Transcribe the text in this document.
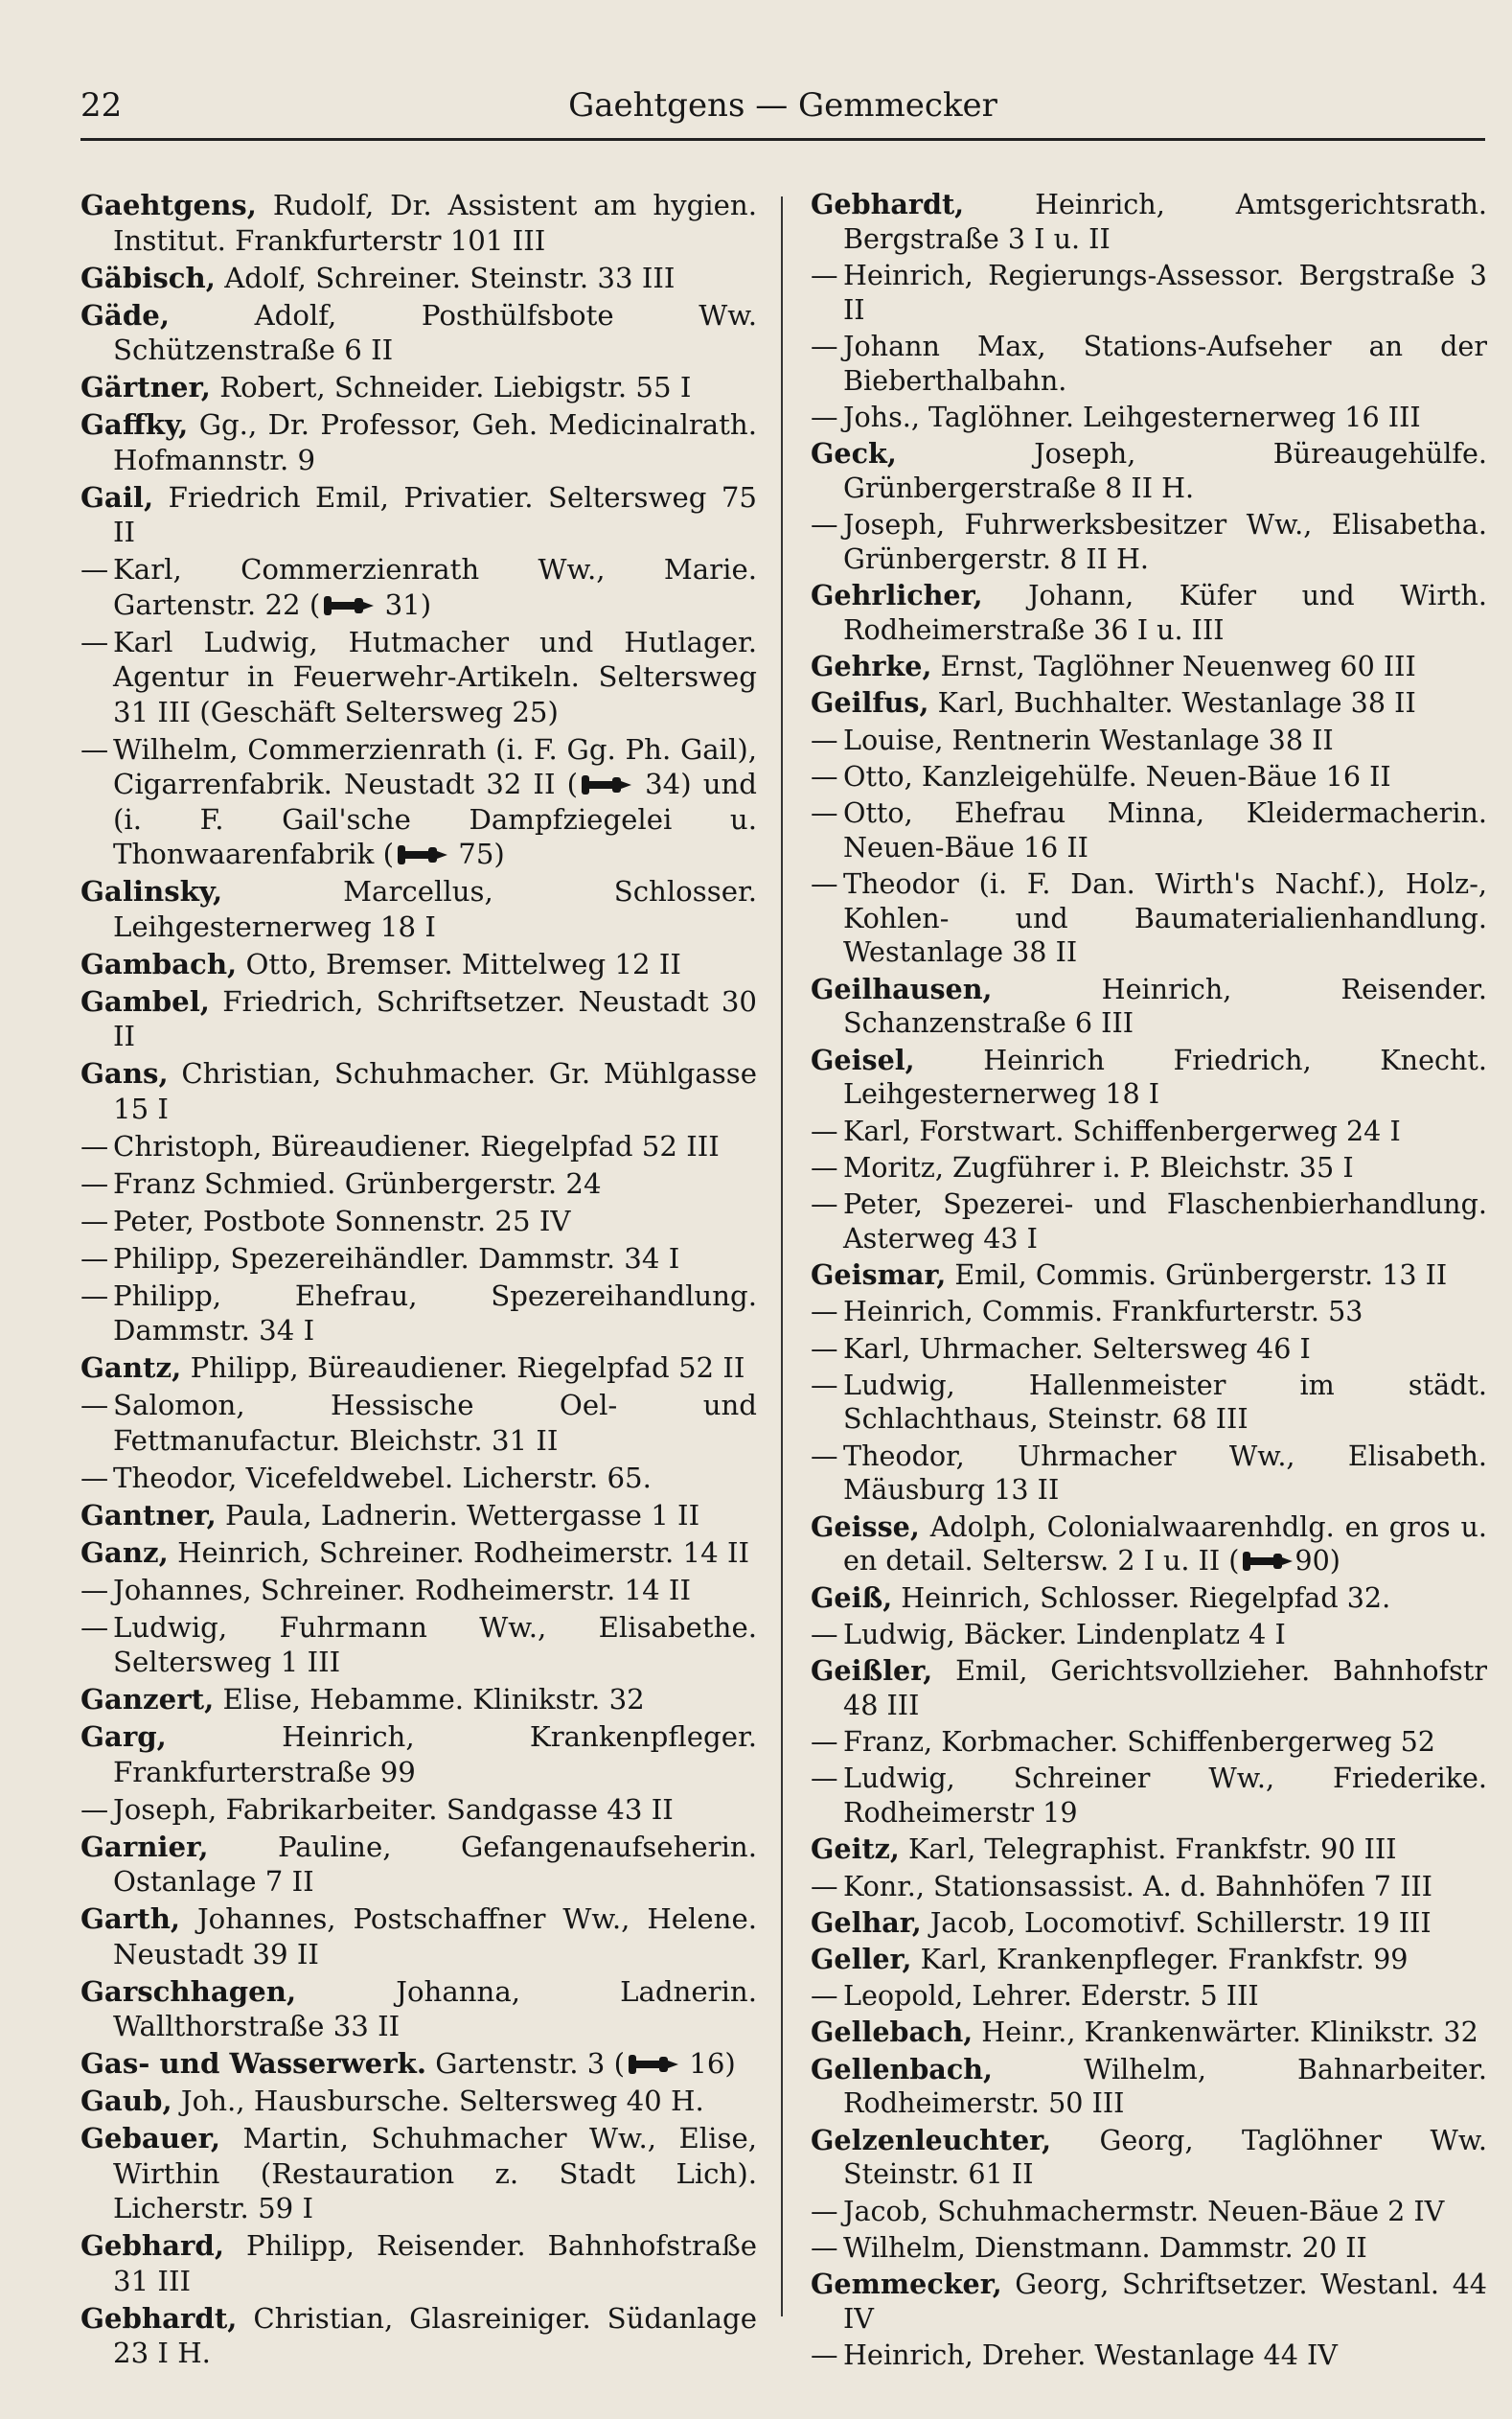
22	Gaehtgens — Gemmecker

Gaehtgens, Rudolf, Dr. Assistent am hygien. Institut. Frankfurterstr 101 III

Gäbisch, Adolf, Schreiner. Steinstr. 33 III

Gäde,	Adolf, Posthülfsbote Ww. Schützenstraße 6 II

Gärtner, Robert, Schneider. Liebigstr. 55 I

Gaffky, Gg., Dr. Professor, Geh. Medicinalrath. Hofmannstr. 9

Gail, Friedrich Emil, Privatier. Seltersweg 75 II

— Karl, Commerzienrath Ww., Marie. Gartenstr. 22 ( 31)

— Karl Ludwig, Hutmacher und Hutlager. Agentur in Feuerwehr-Artikeln. Seltersweg 31 III (Geschäft Seltersweg 25)

— Wilhelm, Commerzienrath (i. F. Gg. Ph. Gail), Cigarrenfabrik. Neustadt 32 II ( 34) und (i. F. Gail'sche Dampfziegelei u. Thonwaarenfabrik ( 75)

Galinsky,	Marcellus, Schlosser. Leihgesternerweg 18 I

Gambach, Otto, Bremser. Mittelweg 12 II

Gambel, Friedrich, Schriftsetzer. Neustadt 30 II

Gans, Christian, Schuhmacher. Gr. Mühlgasse 15 I

— Christoph, Büreaudiener. Riegelpfad 52 III

— Franz Schmied. Grünbergerstr. 24

— Peter, Postbote Sonnenstr. 25 IV

— Philipp, Spezereihändler. Dammstr. 34 I

— Philipp, Ehefrau, Spezereihandlung. Dammstr. 34 I

Gantz, Philipp, Büreaudiener. Riegelpfad 52 II

— Salomon, Hessische Oel- und Fettmanufactur. Bleichstr. 31 II

— Theodor, Vicefeldwebel. Licherstr. 65.

Gantner, Paula, Ladnerin. Wettergasse 1 II

Ganz, Heinrich, Schreiner. Rodheimerstr. 14 II

— Johannes, Schreiner. Rodheimerstr. 14 II

— Ludwig, Fuhrmann Ww., Elisabethe. Seltersweg 1 III

Ganzert, Elise, Hebamme. Klinikstr. 32

Garg,	Heinrich, Krankenpfleger. Frankfurterstraße 99

— Joseph, Fabrikarbeiter. Sandgasse 43 II

Garnier, Pauline, Gefangenaufseherin. Ostanlage 7 II

Garth, Johannes, Postschaffner Ww., Helene. Neustadt 39 II

Garschhagen,	Johanna, Ladnerin. Wallthorstraße 33 II

Gas- und Wasserwerk. Gartenstr. 3 ( 16)

Gaub, Joh., Hausbursche. Seltersweg 40 H.

Gebauer, Martin, Schuhmacher Ww., Elise, Wirthin (Restauration z. Stadt Lich). Licherstr. 59 I

Gebhard, Philipp, Reisender. Bahnhofstraße 31 III

Gebhardt, Christian, Glasreiniger. Südanlage 23 I H.

Gebhardt,	Heinrich, Amtsgerichtsrath. Bergstraße 3 I u. II

— Heinrich, Regierungs-Assessor. Bergstraße 3 II

— Johann Max, Stations-Aufseher an der Bieberthalbahn.

— Johs., Taglöhner. Leihgesternerweg 16 III

Geck,	Joseph, Büreaugehülfe. Grünbergerstraße 8 II H.

— Joseph, Fuhrwerksbesitzer Ww., Elisabetha. Grünbergerstr. 8 II H.

Gehrlicher, Johann, Küfer und Wirth. Rodheimerstraße 36 I u. III

Gehrke, Ernst, Taglöhner Neuenweg 60 III

Geilfus, Karl, Buchhalter. Westanlage 38 II

— Louise, Rentnerin Westanlage 38 II

— Otto, Kanzleigehülfe. Neuen-Bäue 16 II

— Otto, Ehefrau Minna, Kleidermacherin. Neuen-Bäue 16 II

— Theodor (i. F. Dan. Wirth's Nachf.), Holz-, Kohlen- und Baumaterialienhandlung. Westanlage 38 II

Geilhausen,	Heinrich, Reisender. Schanzenstraße 6 III

Geisel,	Heinrich Friedrich, Knecht. Leihgesternerweg 18 I

— Karl, Forstwart. Schiffenbergerweg 24 I

— Moritz, Zugführer i. P. Bleichstr. 35 I

— Peter, Spezerei- und Flaschenbierhandlung. Asterweg 43 I

Geismar, Emil, Commis. Grünbergerstr. 13 II

— Heinrich, Commis. Frankfurterstr. 53

— Karl, Uhrmacher. Seltersweg 46 I

— Ludwig, Hallenmeister im städt. Schlachthaus, Steinstr. 68 III

— Theodor, Uhrmacher Ww., Elisabeth. Mäusburg 13 II

Geisse, Adolph, Colonialwaarenhdlg. en gros u. en detail. Seltersw. 2 I u. II ( 90)

Geiß, Heinrich, Schlosser. Riegelpfad 32.

— Ludwig, Bäcker. Lindenplatz 4 I

Geißler, Emil, Gerichtsvollzieher. Bahnhofstr 48 III

— Franz, Korbmacher. Schiffenbergerweg 52

— Ludwig, Schreiner Ww., Friederike. Rodheimerstr 19

Geitz, Karl, Telegraphist. Frankfstr. 90 III

— Konr., Stationsassist. A. d. Bahnhöfen 7 III

Gelhar, Jacob, Locomotivf. Schillerstr. 19 III

Geller, Karl, Krankenpfleger. Frankfstr. 99

— Leopold, Lehrer. Ederstr. 5 III

Gellebach, Heinr., Krankenwärter. Klinikstr. 32

Gellenbach,	Wilhelm, Bahnarbeiter. Rodheimerstr. 50 III

Gelzenleuchter, Georg, Taglöhner Ww. Steinstr. 61 II

— Jacob, Schuhmachermstr. Neuen-Bäue 2 IV

— Wilhelm, Dienstmann. Dammstr. 20 II

Gemmecker, Georg, Schriftsetzer. Westanl. 44 IV

— Heinrich, Dreher. Westanlage 44 IV
